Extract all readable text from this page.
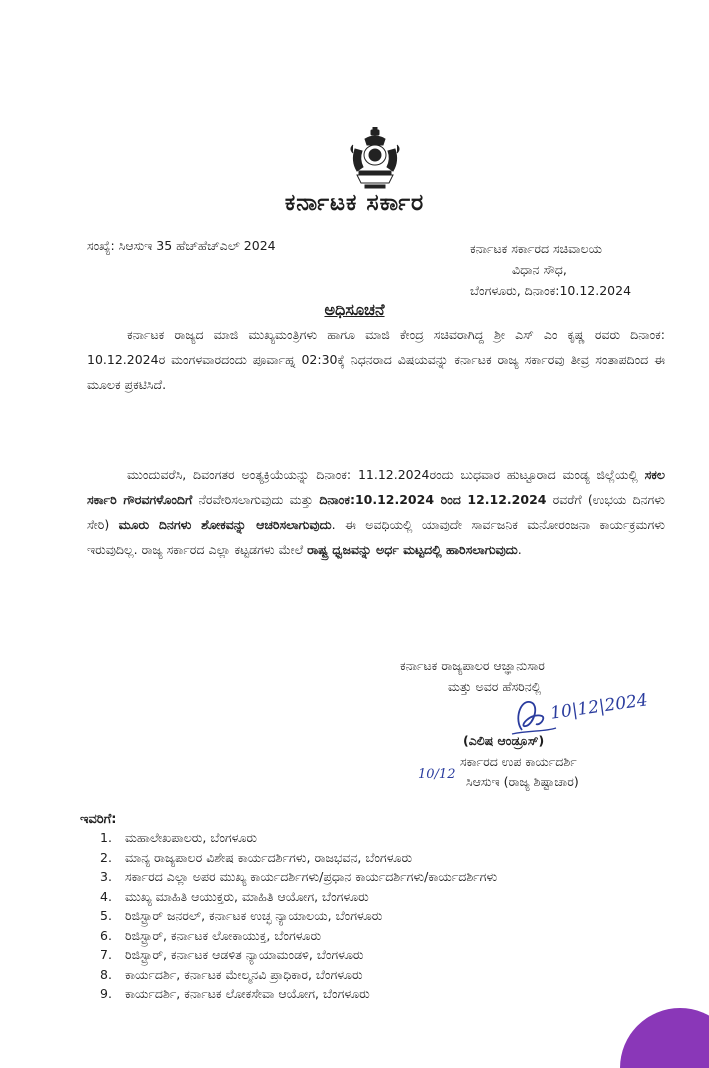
ಕರ್ನಾಟಕ ಸರ್ಕಾರ
ಸಂಖ್ಯೆ: ಸಿಆಸುಇ 35 ಹೆಚ್‌ಹೆಚ್‌ಎಲ್ 2024	ಕರ್ನಾಟಕ ಸರ್ಕಾರದ ಸಚಿವಾಲಯ
ವಿಧಾನ ಸೌಧ,
ಬೆಂಗಳೂರು, ದಿನಾಂಕ:10.12.2024
ಅಧಿಸೂಚನೆ

ಕರ್ನಾಟಕ ರಾಜ್ಯದ ಮಾಜಿ ಮುಖ್ಯಮಂತ್ರಿಗಳು ಹಾಗೂ ಮಾಜಿ ಕೇಂದ್ರ ಸಚಿವರಾಗಿದ್ದ ಶ್ರೀ ಎಸ್ ಎಂ ಕೃಷ್ಣ ರವರು ದಿನಾಂಕ: 10.12.2024ರ ಮಂಗಳವಾರದಂದು ಪೂರ್ವಾಹ್ನ 02:30ಕ್ಕೆ ನಿಧನರಾದ ವಿಷಯವನ್ನು ಕರ್ನಾಟಕ ರಾಜ್ಯ ಸರ್ಕಾರವು ತೀವ್ರ ಸಂತಾಪದಿಂದ ಈ ಮೂಲಕ ಪ್ರಕಟಿಸಿದೆ.

ಮುಂದುವರೆಸಿ, ದಿವಂಗತರ ಅಂತ್ಯಕ್ರಿಯೆಯನ್ನು ದಿನಾಂಕ: 11.12.2024ರಂದು ಬುಧವಾರ ಹುಟ್ಟೂರಾದ ಮಂಡ್ಯ ಜಿಲ್ಲೆಯಲ್ಲಿ ಸಕಲ ಸರ್ಕಾರಿ ಗೌರವಗಳೊಂದಿಗೆ ನೆರವೇರಿಸಲಾಗುವುದು ಮತ್ತು ದಿನಾಂಕ:10.12.2024 ರಿಂದ 12.12.2024 ರವರೆಗೆ (ಉಭಯ ದಿನಗಳು ಸೇರಿ) ಮೂರು ದಿನಗಳು ಶೋಕವನ್ನು ಆಚರಿಸಲಾಗುವುದು. ಈ ಅವಧಿಯಲ್ಲಿ ಯಾವುದೇ ಸಾರ್ವಜನಿಕ ಮನೋರಂಜನಾ ಕಾರ್ಯಕ್ರಮಗಳು ಇರುವುದಿಲ್ಲ. ರಾಜ್ಯ ಸರ್ಕಾರದ ಎಲ್ಲಾ ಕಟ್ಟಡಗಳು ಮೇಲೆ ರಾಷ್ಟ್ರ ಧ್ವಜವನ್ನು ಅರ್ಧ ಮಟ್ಟದಲ್ಲಿ ಹಾರಿಸಲಾಗುವುದು.

ಕರ್ನಾಟಕ ರಾಜ್ಯಪಾಲರ ಆಜ್ಞಾನುಸಾರ
ಮತ್ತು ಅವರ ಹೆಸರಿನಲ್ಲಿ
10|12|2024
(ಎಲಿಷ ಆಂಡ್ರೂಸ್)
ಸರ್ಕಾರದ ಉಪ ಕಾರ್ಯದರ್ಶಿ
ಸಿಆಸುಇ (ರಾಜ್ಯ ಶಿಷ್ಟಾಚಾರ)
10/12
ಇವರಿಗೆ:
1. ಮಹಾಲೇಖಪಾಲರು, ಬೆಂಗಳೂರು
2. ಮಾನ್ಯ ರಾಜ್ಯಪಾಲರ ವಿಶೇಷ ಕಾರ್ಯದರ್ಶಿಗಳು, ರಾಜಭವನ, ಬೆಂಗಳೂರು
3. ಸರ್ಕಾರದ ಎಲ್ಲಾ ಅಪರ ಮುಖ್ಯ ಕಾರ್ಯದರ್ಶಿಗಳು/ಪ್ರಧಾನ ಕಾರ್ಯದರ್ಶಿಗಳು/ಕಾರ್ಯದರ್ಶಿಗಳು
4. ಮುಖ್ಯ ಮಾಹಿತಿ ಆಯುಕ್ತರು, ಮಾಹಿತಿ ಆಯೋಗ, ಬೆಂಗಳೂರು
5. ರಿಜಿಸ್ಟ್ರಾರ್ ಜನರಲ್, ಕರ್ನಾಟಕ ಉಚ್ಛ ನ್ಯಾಯಾಲಯ, ಬೆಂಗಳೂರು
6. ರಿಜಿಸ್ಟ್ರಾರ್, ಕರ್ನಾಟಕ ಲೋಕಾಯುಕ್ತ, ಬೆಂಗಳೂರು
7. ರಿಜಿಸ್ಟ್ರಾರ್, ಕರ್ನಾಟಕ ಆಡಳಿತ ನ್ಯಾಯಾಮಂಡಳಿ, ಬೆಂಗಳೂರು
8. ಕಾರ್ಯದರ್ಶಿ, ಕರ್ನಾಟಕ ಮೇಲ್ಮನವಿ ಪ್ರಾಧಿಕಾರ, ಬೆಂಗಳೂರು
9. ಕಾರ್ಯದರ್ಶಿ, ಕರ್ನಾಟಕ ಲೋಕಸೇವಾ ಆಯೋಗ, ಬೆಂಗಳೂರು
